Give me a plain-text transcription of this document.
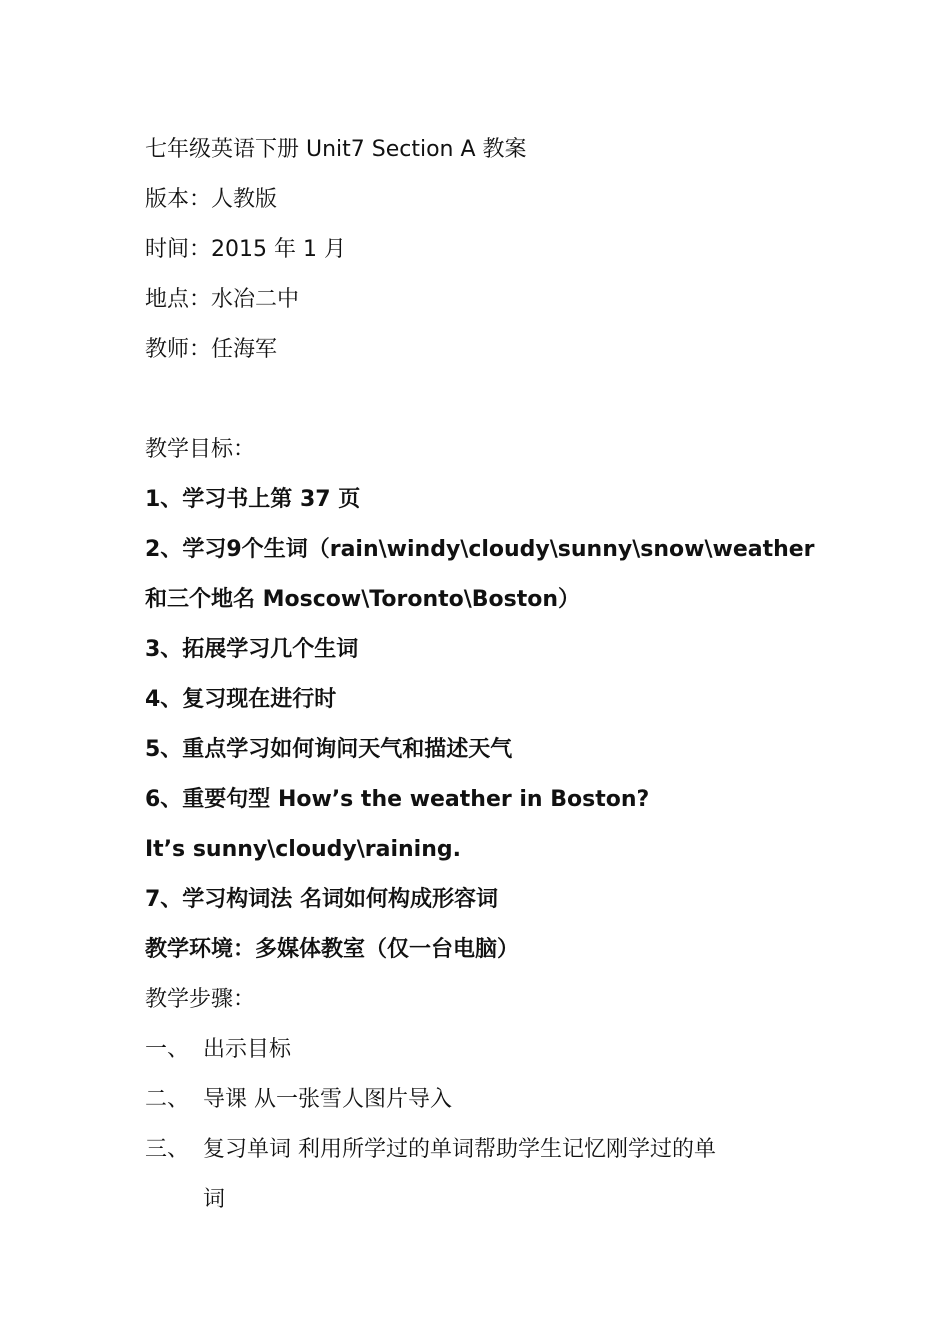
七年级英语下册 Unit7 Section A 教案
版本：人教版
时间：2015 年 1 月
地点：水冶二中
教师：任海军
教学目标：
1、学习书上第 37 页
2 、 学 习 9 个 生 词 （ rain\windy\cloudy\sunny\snow\weather
和三个地名 Moscow\Toronto\Boston）
3、拓展学习几个生词
4、复习现在进行时
5、重点学习如何询问天气和描述天气
6、重要句型 How’s the weather in Boston?
It’s sunny\cloudy\raining.
7、学习构词法 名词如何构成形容词
教学环境：多媒体教室（仅一台电脑）
教学步骤：
一、 出示目标
二、 导课 从一张雪人图片导入
三、 复习单词 利用所学过的单词帮助学生记忆刚学过的单
词
